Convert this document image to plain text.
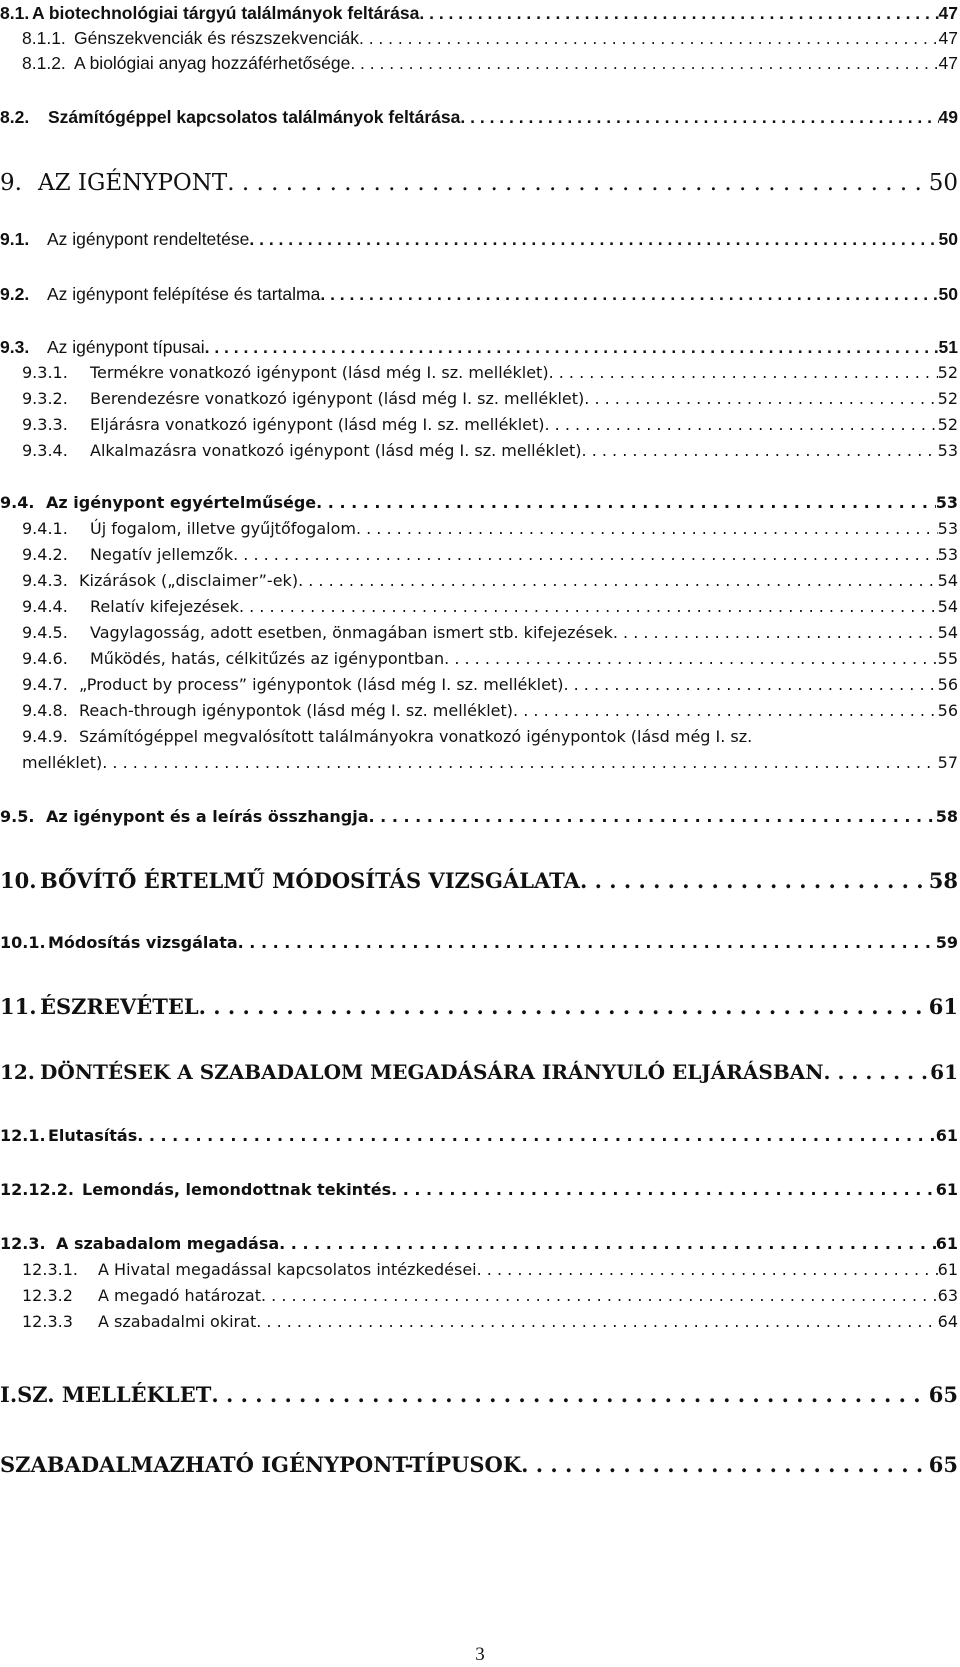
8.1. A biotechnológiai tárgyú találmányok feltárása . . .	47
8.1.1. Génszekvenciák és részszekvenciák . . .	47
8.1.2. A biológiai anyag hozzáférhetősége . . .	47
8.2.	Számítógéppel kapcsolatos találmányok feltárása . . .	49
9. AZ IGÉNYPONT . . .	50
9.1.	Az igénypont rendeltetése . . .	50
9.2.	Az igénypont felépítése és tartalma . . .	50
9.3.	Az igénypont típusai . . .	51
9.3.1.	Termékre vonatkozó igénypont (lásd még I. sz. melléklet) . . .	52
9.3.2.	Berendezésre vonatkozó igénypont (lásd még I. sz. melléklet) . . .	52
9.3.3.	Eljárásra vonatkozó igénypont (lásd még I. sz. melléklet) . . .	52
9.3.4.	Alkalmazásra vonatkozó igénypont (lásd még I. sz. melléklet) . . .	53
9.4. Az igénypont egyértelműsége . . .	53
9.4.1.	Új fogalom, illetve gyűjtőfogalom . . .	53
9.4.2.	Negatív jellemzők . . .	53
9.4.3. Kizárások („disclaimer”-ek) . . .	54
9.4.4.	Relatív kifejezések . . .	54
9.4.5.	Vagylagosság, adott esetben, önmagában ismert stb. kifejezések . . .	54
9.4.6.	Működés, hatás, célkitűzés az igénypontban . . .	55
9.4.7. „Product by process” igénypontok (lásd még I. sz. melléklet) . . .	56
9.4.8. Reach-through igénypontok (lásd még I. sz. melléklet) . . .	56
9.4.9. Számítógéppel megvalósított találmányokra vonatkozó igénypontok (lásd még I. sz.
melléklet) . . .	57
9.5. Az igénypont és a leírás összhangja . . .	58
10. BŐVÍTŐ ÉRTELMŰ MÓDOSÍTÁS VIZSGÁLATA . . .	58
10.1. Módosítás vizsgálata . . .	59
11. ÉSZREVÉTEL . . .	61
12. DÖNTÉSEK A SZABADALOM MEGADÁSÁRA IRÁNYULÓ ELJÁRÁSBAN . . .	61
12.1. Elutasítás . . .	61
12.12.2. Lemondás, lemondottnak tekintés . . .	61
12.3. A szabadalom megadása . . .	61
12.3.1.	A Hivatal megadással kapcsolatos intézkedései . . .	61
12.3.2	A megadó határozat . . .	63
12.3.3	A szabadalmi okirat . . .	64
I.SZ. MELLÉKLET . . .	65
SZABADALMAZHATÓ IGÉNYPONT-TÍPUSOK . . .	65
3
